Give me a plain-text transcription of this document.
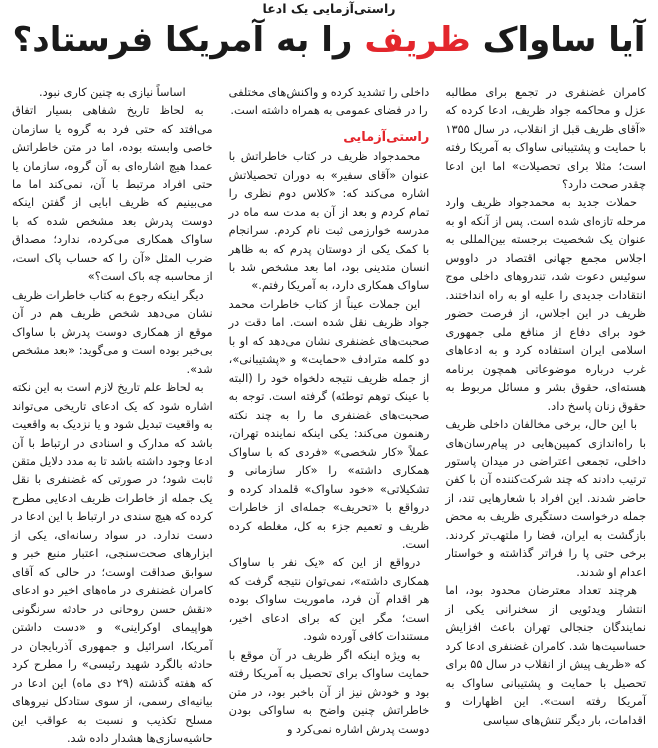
راستی‌آزمایی یک ادعا
آیا ساواک ظریف را به آمریکا فرستاد؟

کامران غضنفری در تجمع برای مطالبه عزل و محاکمه جواد ظریف، ادعا کرده که «آقای ظریف قبل از انقلاب، در سال ۱۳۵۵ با حمایت و پشتیبانی ساواک به آمریکا رفته است؛ مثلا برای تحصیلات» اما این ادعا چقدر صحت دارد؟

حملات جدید به محمدجواد ظریف وارد مرحله تازه‌ای شده است. پس از آنکه او به عنوان یک شخصیت برجسته بین‌المللی به اجلاس مجمع جهانی اقتصاد در داووس سوئیس دعوت شد، تندروهای داخلی موج انتقادات جدیدی را علیه او به راه انداختند. ظریف در این اجلاس، از فرصت حضور خود برای دفاع از منافع ملی جمهوری اسلامی ایران استفاده کرد و به ادعاهای غرب درباره موضوعاتی همچون برنامه هسته‌ای، حقوق بشر و مسائل مربوط به حقوق زنان پاسخ داد.

با این حال، برخی مخالفان داخلی ظریف با راه‌اندازی کمپین‌هایی در پیام‌رسان‌های داخلی، تجمعی اعتراضی در میدان پاستور ترتیب دادند که چند شرکت‌کننده آن با کفن حاضر شدند. این افراد با شعارهایی تند، از جمله درخواست دستگیری ظریف به محض بازگشت به ایران، فضا را ملتهب‌تر کردند. برخی حتی پا را فراتر گذاشته و خواستار اعدام او شدند.

هرچند تعداد معترضان محدود بود، اما انتشار ویدئویی از سخنرانی یکی از نمایندگان جنجالی تهران باعث افزایش حساسیت‌ها شد. کامران غضنفری ادعا کرد که «ظریف پیش از انقلاب در سال ۵۵ برای تحصیل با حمایت و پشتیبانی ساواک به آمریکا رفته است». این اظهارات و اقدامات، بار دیگر تنش‌های سیاسی

داخلی را تشدید کرده و واکنش‌های مختلفی را در فضای عمومی به همراه داشته است.

راستی‌آزمایی

محمدجواد ظریف در کتاب خاطراتش با عنوان «آقای سفیر» به دوران تحصیلاتش اشاره می‌کند که: «کلاس دوم نظری را تمام کردم و بعد از آن به مدت سه ماه در مدرسه خوارزمی ثبت نام کردم. سرانجام با کمک یکی از دوستان پدرم که به ظاهر انسان متدینی بود، اما بعد مشخص شد با ساواک همکاری دارد، به آمریکا رفتم.»

این جملات عیناً از کتاب خاطرات محمد جواد ظریف نقل شده است. اما دقت در صحبت‌های غضنفری نشان می‌دهد که او با دو کلمه مترادف «حمایت» و «پشتیبانی»، از جمله ظریف نتیجه دلخواه خود را (البته با عینک توهم توطئه) گرفته است. توجه به صحبت‌های غضنفری ما را به چند نکته رهنمون می‌کند: یکی اینکه نماینده تهران، عملاً «کار شخصی» «فردی که با ساواک همکاری داشته» را «کار سازمانی و تشکیلاتی» «خود ساواک» قلمداد کرده و درواقع با «تحریف» جمله‌ای از خاطرات ظریف و تعمیم جزء به کل، مغلطه کرده است.

درواقع از این که «یک نفر با ساواک همکاری داشته»، نمی‌توان نتیجه گرفت که هر اقدام آن فرد، ماموریت ساواک بوده است؛ مگر این که برای ادعای اخیر، مستندات کافی آورده شود.

به ویژه اینکه اگر ظریف در آن موقع با حمایت ساواک برای تحصیل به آمریکا رفته بود و خودش نیز از آن باخبر بود، در متن خاطراتش چنین واضح به ساواکی بودن دوست پدرش اشاره نمی‌کرد و

اساساً نیازی به چنین کاری نبود.

به لحاظ تاریخ شفاهی بسیار اتفاق می‌افتد که حتی فرد به گروه یا سازمان خاصی وابسته بوده، اما در متن خاطراتش عمدا هیچ اشاره‌ای به آن گروه، سازمان یا حتی افراد مرتبط با آن، نمی‌کند اما ما می‌بینیم که ظریف ابایی از گفتن اینکه دوست پدرش بعد مشخص شده که با ساواک همکاری می‌کرده، ندارد؛ مصداق ضرب المثل «آن را که حساب پاک است، از محاسبه چه باک است؟»

دیگر اینکه رجوع به کتاب خاطرات ظریف نشان می‌دهد شخص ظریف هم در آن موقع از همکاری دوست پدرش با ساواک بی‌خبر بوده است و می‌گوید: «بعد مشخص شد».

به لحاظ علم تاریخ لازم است به این نکته اشاره شود که یک ادعای تاریخی می‌تواند به واقعیت تبدیل شود و یا نزدیک به واقعیت باشد که مدارک و اسنادی در ارتباط با آن ادعا وجود داشته باشد تا به مدد دلایل متقن ثابت شود؛ در صورتی که غضنفری با نقل یک جمله از خاطرات ظریف ادعایی مطرح کرده که هیچ سندی در ارتباط با این ادعا در دست ندارد. در سواد رسانه‌ای، یکی از ابزارهای صحت‌سنجی، اعتبار منبع خبر و سوابق صداقت اوست؛ در حالی که آقای کامران غضنفری در ماه‌های اخیر دو ادعای «نقش حسن روحانی در حادثه سرنگونی هواپیمای اوکراینی» و «دست داشتن آمریکا، اسرائیل و جمهوری آذربایجان در حادثه بالگرد شهید رئیسی» را مطرح کرد که هفته گذشته (۲۹ دی ماه) این ادعا در بیانیه‌ای رسمی، از سوی ستادکل نیروهای مسلح تکذیب و نسبت به عواقب این حاشیه‌سازی‌ها هشدار داده شد.
